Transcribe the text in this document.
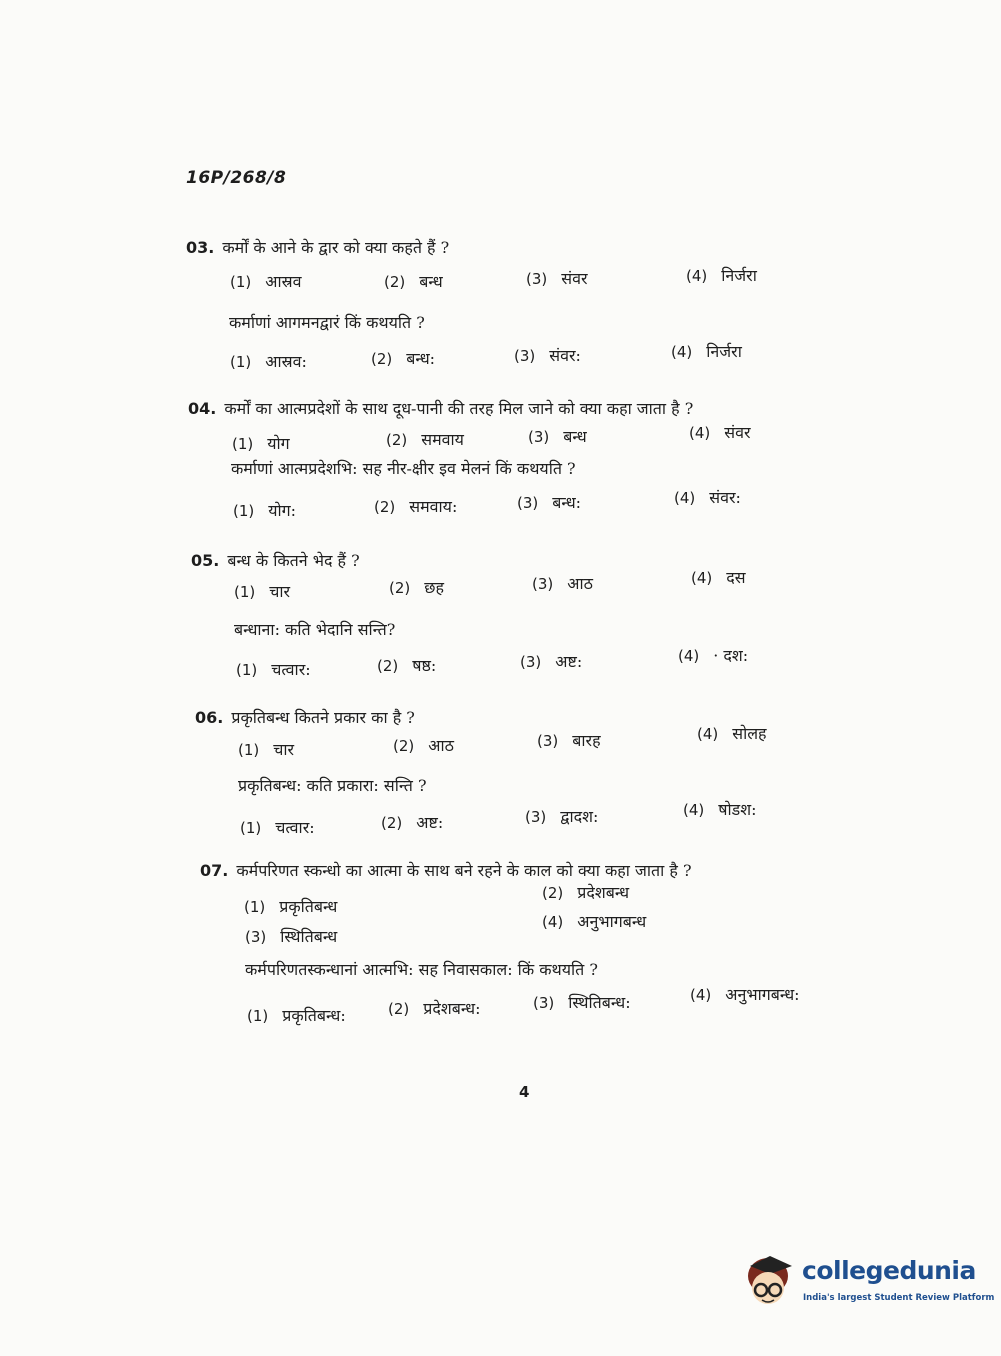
16P/268/8
03. कर्मों के आने के द्वार को क्या कहते हैं ?
(1) आस्रव	(2) बन्ध	(3) संवर	(4) निर्जरा
कर्माणां आगमनद्वारं किं कथयति ?
(1) आस्रव:	(2) बन्ध:	(3) संवर:	(4) निर्जरा
04. कर्मों का आत्मप्रदेशों के साथ दूध-पानी की तरह मिल जाने को क्या कहा जाता है ?
(1) योग	(2) समवाय	(3) बन्ध	(4) संवर
कर्माणां आत्मप्रदेशभि: सह नीर-क्षीर इव मेलनं किं कथयति ?
(1) योग:	(2) समवाय:	(3) बन्ध:	(4) संवर:
05. बन्ध के कितने भेद हैं ?
(1) चार	(2) छह	(3) आठ	(4) दस
बन्धाना: कति भेदानि सन्ति?
(1) चत्वार:	(2) षष्ठ:	(3) अष्ट:	(4) · दश:
06. प्रकृतिबन्ध कितने प्रकार का है ?
(1) चार	(2) आठ	(3) बारह	(4) सोलह
प्रकृतिबन्ध: कति प्रकारा: सन्ति ?
(1) चत्वार:	(2) अष्ट:	(3) द्वादश:	(4) षोडश:
07. कर्मपरिणत स्कन्धो का आत्मा के साथ बने रहने के काल को क्या कहा जाता है ?
(1) प्रकृतिबन्ध
(2) प्रदेशबन्ध
(3) स्थितिबन्ध
(4) अनुभागबन्ध
कर्मपरिणतस्कन्धानां आत्मभि: सह निवासकाल: किं कथयति ?
(1) प्रकृतिबन्ध:	(2) प्रदेशबन्ध:	(3) स्थितिबन्ध:	(4) अनुभागबन्ध:
4
collegedunia
India's largest Student Review Platform
